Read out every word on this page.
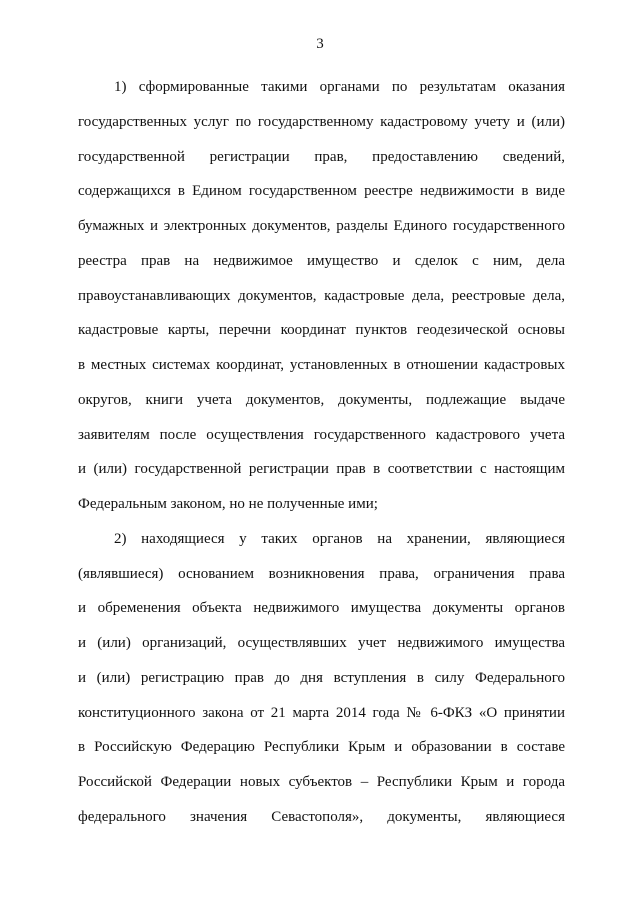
3
1) сформированные такими органами по результатам оказания
государственных услуг по государственному кадастровому учету и (или)
государственной регистрации прав, предоставлению сведений,
содержащихся в Едином государственном реестре недвижимости в виде
бумажных и электронных документов, разделы Единого государственного
реестра прав на недвижимое имущество и сделок с ним, дела
правоустанавливающих документов, кадастровые дела, реестровые дела,
кадастровые карты, перечни координат пунктов геодезической основы
в местных системах координат, установленных в отношении кадастровых
округов, книги учета документов, документы, подлежащие выдаче
заявителям после осуществления государственного кадастрового учета
и (или) государственной регистрации прав в соответствии с настоящим
Федеральным законом, но не полученные ими;
2) находящиеся у таких органов на хранении, являющиеся
(являвшиеся) основанием возникновения права, ограничения права
и обременения объекта недвижимого имущества документы органов
и (или) организаций, осуществлявших учет недвижимого имущества
и (или) регистрацию прав до дня вступления в силу Федерального
конституционного закона от 21 марта 2014 года № 6-ФКЗ «О принятии
в Российскую Федерацию Республики Крым и образовании в составе
Российской Федерации новых субъектов – Республики Крым и города
федерального значения Севастополя», документы, являющиеся
